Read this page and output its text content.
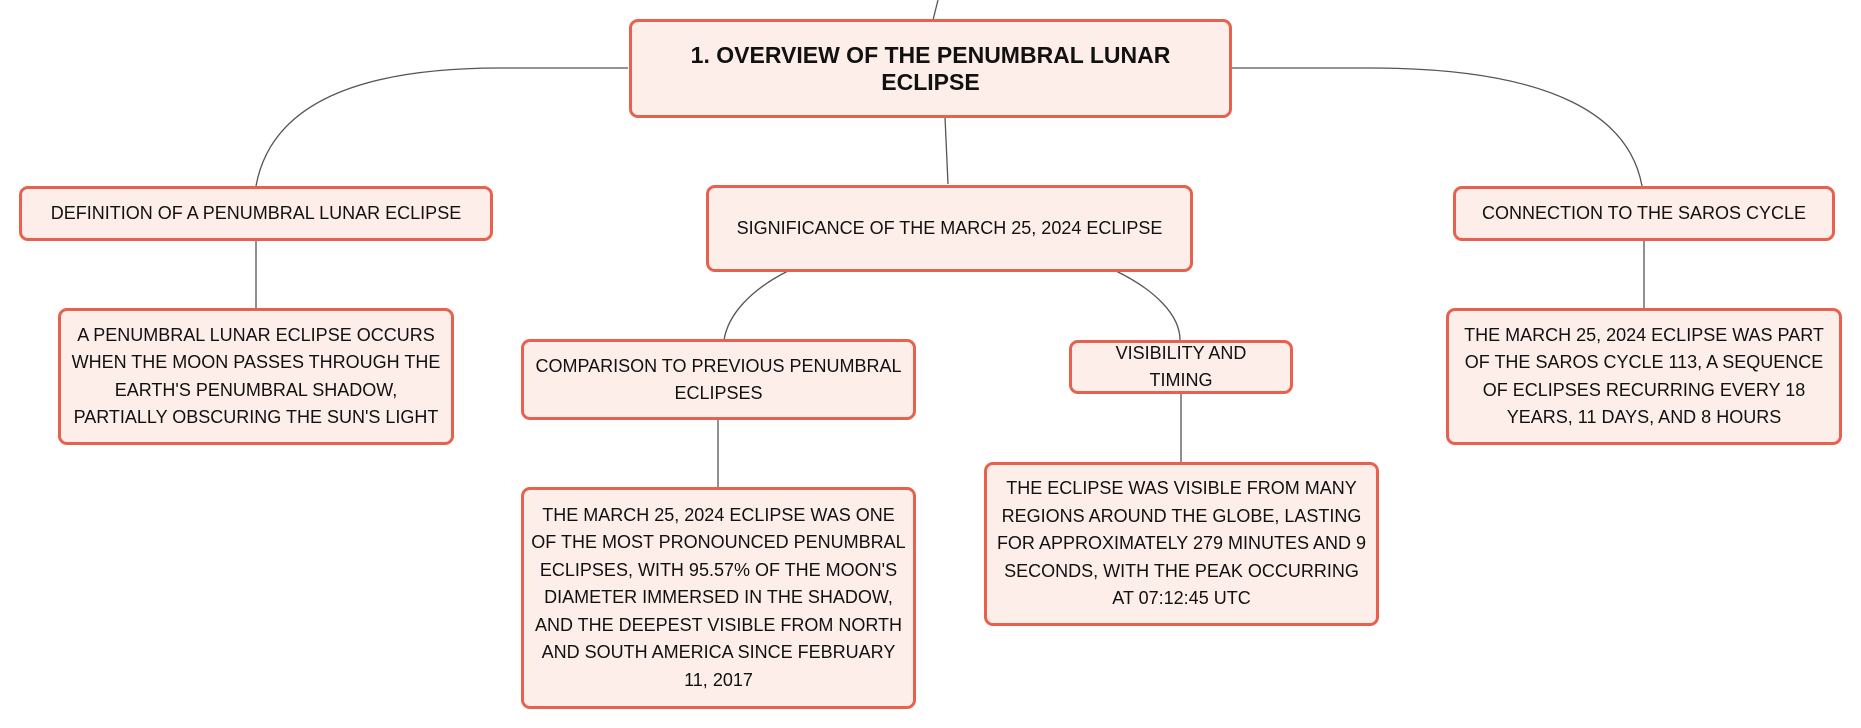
1. OVERVIEW OF THE PENUMBRAL LUNAR ECLIPSE
DEFINITION OF A PENUMBRAL LUNAR ECLIPSE
SIGNIFICANCE OF THE MARCH 25, 2024 ECLIPSE
CONNECTION TO THE SAROS CYCLE
A PENUMBRAL LUNAR ECLIPSE OCCURS WHEN THE MOON PASSES THROUGH THE EARTH'S PENUMBRAL SHADOW, PARTIALLY OBSCURING THE SUN'S LIGHT
COMPARISON TO PREVIOUS PENUMBRAL ECLIPSES
VISIBILITY AND TIMING
THE MARCH 25, 2024 ECLIPSE WAS PART OF THE SAROS CYCLE 113, A SEQUENCE OF ECLIPSES RECURRING EVERY 18 YEARS, 11 DAYS, AND 8 HOURS
THE MARCH 25, 2024 ECLIPSE WAS ONE OF THE MOST PRONOUNCED PENUMBRAL ECLIPSES, WITH 95.57% OF THE MOON'S DIAMETER IMMERSED IN THE SHADOW, AND THE DEEPEST VISIBLE FROM NORTH AND SOUTH AMERICA SINCE FEBRUARY 11, 2017
THE ECLIPSE WAS VISIBLE FROM MANY REGIONS AROUND THE GLOBE, LASTING FOR APPROXIMATELY 279 MINUTES AND 9 SECONDS, WITH THE PEAK OCCURRING AT 07:12:45 UTC
